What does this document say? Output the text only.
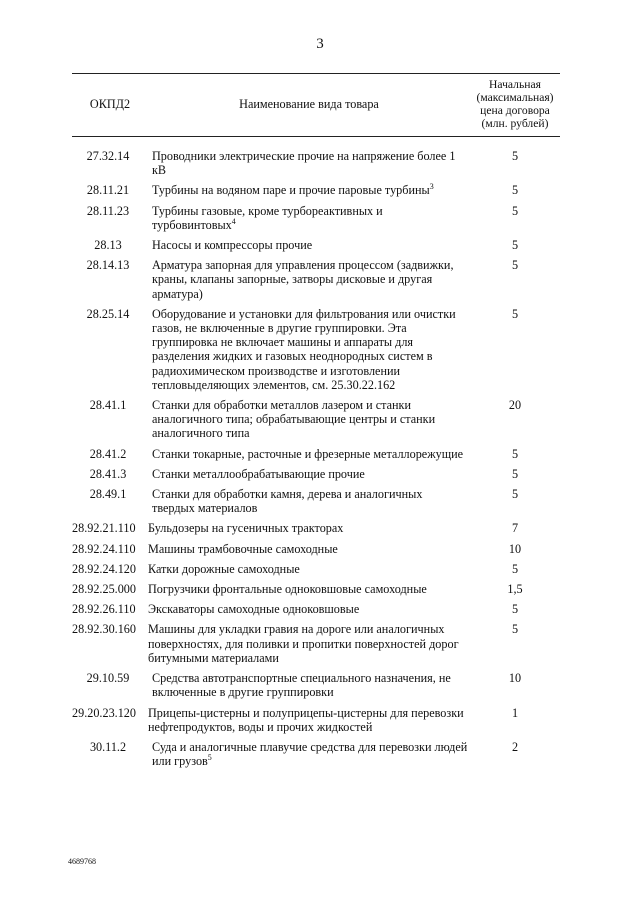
3
ОКПД2	Наименование вида товара	Начальная (максимальная) цена договора (млн. рублей)
27.32.14	Проводники электрические прочие на напряжение более 1 кВ	5
28.11.21	Турбины на водяном паре и прочие паровые турбины$^3$	5
28.11.23	Турбины газовые, кроме турбореактивных и турбовинтовых$^4$	5
28.13	Насосы и компрессоры прочие	5
28.14.13	Арматура запорная для управления процессом (задвижки, краны, клапаны запорные, затворы дисковые и другая арматура)	5
28.25.14	Оборудование и установки для фильтрования или очистки газов, не включенные в другие группировки. Эта группировка не включает машины и аппараты для разделения жидких и газовых неоднородных систем в радиохимическом производстве и изготовлении тепловыделяющих элементов, см. 25.30.22.162	5
28.41.1	Станки для обработки металлов лазером и станки аналогичного типа; обрабатывающие центры и станки аналогичного типа	20
28.41.2	Станки токарные, расточные и фрезерные металлорежущие	5
28.41.3	Станки металлообрабатывающие прочие	5
28.49.1	Станки для обработки камня, дерева и аналогичных твердых материалов	5
28.92.21.110	Бульдозеры на гусеничных тракторах	7
28.92.24.110	Машины трамбовочные самоходные	10
28.92.24.120	Катки дорожные самоходные	5
28.92.25.000	Погрузчики фронтальные одноковшовые самоходные	1,5
28.92.26.110	Экскаваторы самоходные одноковшовые	5
28.92.30.160	Машины для укладки гравия на дороге или аналогичных поверхностях, для поливки и пропитки поверхностей дорог битумными материалами	5
29.10.59	Средства автотранспортные специального назначения, не включенные в другие группировки	10
29.20.23.120	Прицепы-цистерны и полуприцепы-цистерны для перевозки нефтепродуктов, воды и прочих жидкостей	1
30.11.2	Суда и аналогичные плавучие средства для перевозки людей или грузов$^5$	2
4689768
